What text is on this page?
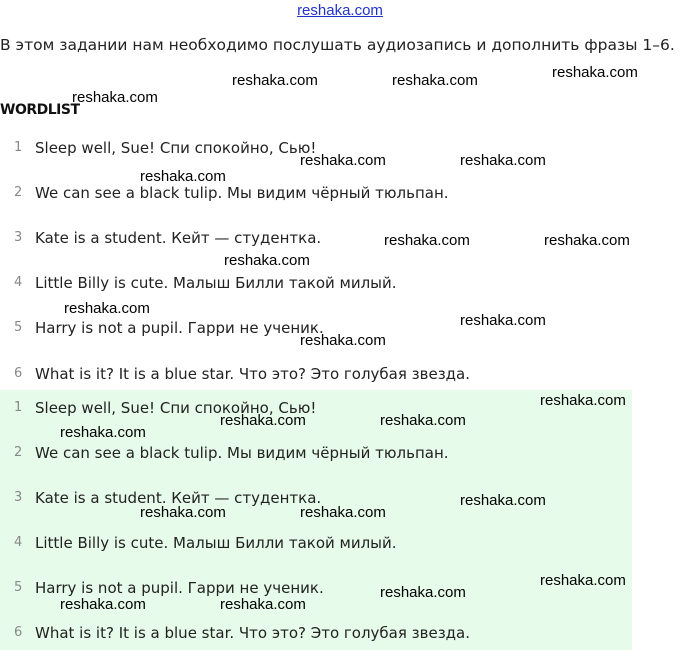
reshaka.com
В этом задании нам необходимо послушать аудиозапись и дополнить фразы 1–6.
WORDLIST
1 Sleep well, Sue! Спи спокойно, Сью!
2 We can see a black tulip. Мы видим чёрный тюльпан.
3 Kate is a student. Кейт — студентка.
4 Little Billy is cute. Малыш Билли такой милый.
5 Harry is not a pupil. Гарри не ученик.
6 What is it? It is a blue star. Что это? Это голубая звезда.
1 Sleep well, Sue! Спи спокойно, Сью!
2 We can see a black tulip. Мы видим чёрный тюльпан.
3 Kate is a student. Кейт — студентка.
4 Little Billy is cute. Малыш Билли такой милый.
5 Harry is not a pupil. Гарри не ученик.
6 What is it? It is a blue star. Что это? Это голубая звезда.
reshaka.com	reshaka.com	reshaka.com
reshaka.com
reshaka.com	reshaka.com
reshaka.com
reshaka.com	reshaka.com
reshaka.com
reshaka.com
reshaka.com
reshaka.com
reshaka.com
reshaka.com	reshaka.com
reshaka.com
reshaka.com
reshaka.com	reshaka.com
reshaka.com
reshaka.com
reshaka.com	reshaka.com
